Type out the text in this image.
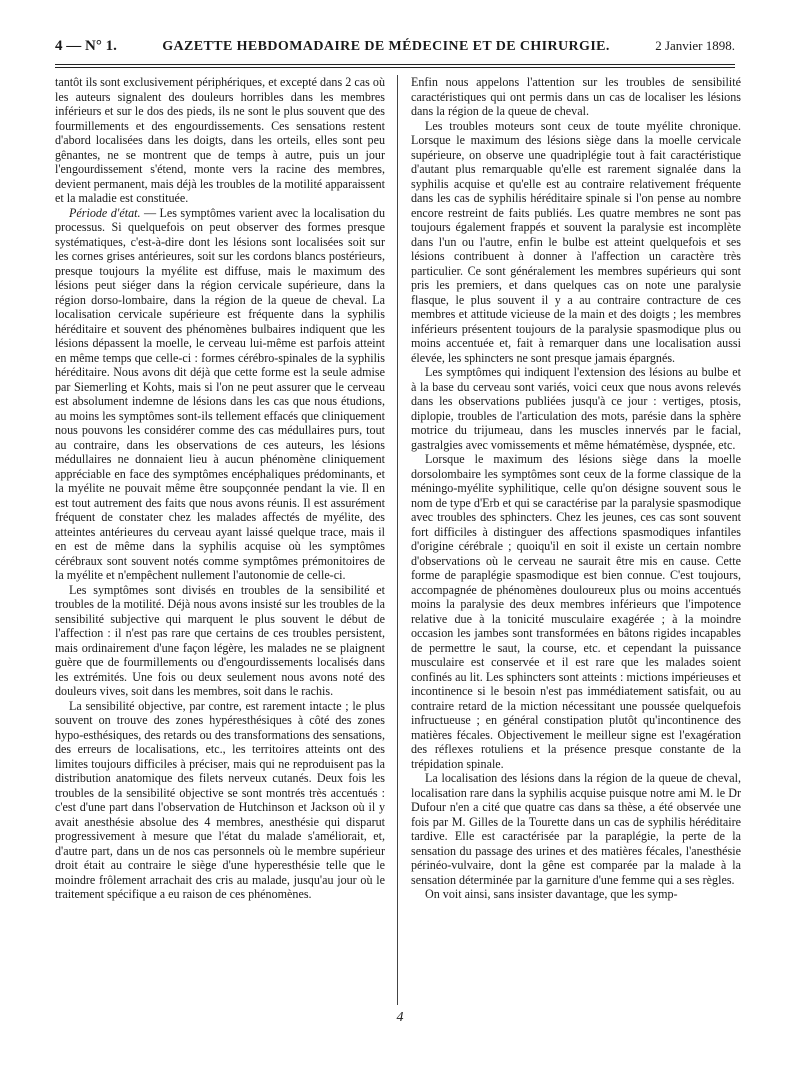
4 — N° 1.	GAZETTE HEBDOMADAIRE DE MÉDECINE ET DE CHIRURGIE.	2 Janvier 1898.

tantôt ils sont exclusivement périphériques, et excepté dans 2 cas où les auteurs signalent des douleurs horribles dans les membres inférieurs et sur le dos des pieds, ils ne sont le plus souvent que des fourmillements et des engourdissements. Ces sensations restent d'abord localisées dans les doigts, dans les orteils, elles sont peu gênantes, ne se montrent que de temps à autre, puis un jour l'engourdissement s'étend, monte vers la racine des membres, devient permanent, mais déjà les troubles de la motilité apparaissent et la maladie est constituée.

Période d'état. — Les symptômes varient avec la localisation du processus. Si quelquefois on peut observer des formes presque systématiques, c'est-à-dire dont les lésions sont localisées soit sur les cornes grises antérieures, soit sur les cordons blancs postérieurs, presque toujours la myélite est diffuse, mais le maximum des lésions peut siéger dans la région cervicale supérieure, dans la région dorso-lombaire, dans la région de la queue de cheval. La localisation cervicale supérieure est fréquente dans la syphilis héréditaire et souvent des phénomènes bulbaires indiquent que les lésions dépassent la moelle, le cerveau lui-même est parfois atteint en même temps que celle-ci : formes cérébro-spinales de la syphilis héréditaire. Nous avons dit déjà que cette forme est la seule admise par Siemerling et Kohts, mais si l'on ne peut assurer que le cerveau est absolument indemne de lésions dans les cas que nous étudions, au moins les symptômes sont-ils tellement effacés que cliniquement nous pouvons les considérer comme des cas médullaires purs, tout au contraire, dans les observations de ces auteurs, les lésions médullaires ne donnaient lieu à aucun phénomène cliniquement appréciable en face des symptômes encéphaliques prédominants, et la myélite ne pouvait même être soupçonnée pendant la vie. Il en est tout autrement des faits que nous avons réunis. Il est assurément fréquent de constater chez les malades affectés de myélite, des atteintes antérieures du cerveau ayant laissé quelque trace, mais il en est de même dans la syphilis acquise où les symptômes cérébraux sont souvent notés comme symptômes prémonitoires de la myélite et n'empêchent nullement l'autonomie de celle-ci.

Les symptômes sont divisés en troubles de la sensibilité et troubles de la motilité. Déjà nous avons insisté sur les troubles de la sensibilité subjective qui marquent le plus souvent le début de l'affection : il n'est pas rare que certains de ces troubles persistent, mais ordinairement d'une façon légère, les malades ne se plaignent guère que de fourmillements ou d'engourdissements localisés dans les extrémités. Une fois ou deux seulement nous avons noté des douleurs vives, soit dans les membres, soit dans le rachis.

La sensibilité objective, par contre, est rarement intacte ; le plus souvent on trouve des zones hypéresthésiques à côté des zones hypo-esthésiques, des retards ou des transformations des sensations, des erreurs de localisations, etc., les territoires atteints ont des limites toujours difficiles à préciser, mais qui ne reproduisent pas la distribution anatomique des filets nerveux cutanés. Deux fois les troubles de la sensibilité objective se sont montrés très accentués : c'est d'une part dans l'observation de Hutchinson et Jackson où il y avait anesthésie absolue des 4 membres, anesthésie qui disparut progressivement à mesure que l'état du malade s'améliorait, et, d'autre part, dans un de nos cas personnels où le membre supérieur droit était au contraire le siège d'une hyperesthésie telle que le moindre frôlement arrachait des cris au malade, jusqu'au jour où le traitement spécifique a eu raison de ces phénomènes.

Enfin nous appelons l'attention sur les troubles de sensibilité caractéristiques qui ont permis dans un cas de localiser les lésions dans la région de la queue de cheval.

Les troubles moteurs sont ceux de toute myélite chronique. Lorsque le maximum des lésions siège dans la moelle cervicale supérieure, on observe une quadriplégie tout à fait caractéristique d'autant plus remarquable qu'elle est rarement signalée dans la syphilis acquise et qu'elle est au contraire relativement fréquente dans les cas de syphilis héréditaire spinale si l'on pense au nombre encore restreint de faits publiés. Les quatre membres ne sont pas toujours également frappés et souvent la paralysie est incomplète dans l'un ou l'autre, enfin le bulbe est atteint quelquefois et ses lésions contribuent à donner à l'affection un caractère très particulier. Ce sont généralement les membres supérieurs qui sont pris les premiers, et dans quelques cas on note une paralysie flasque, le plus souvent il y a au contraire contracture de ces membres et attitude vicieuse de la main et des doigts ; les membres inférieurs présentent toujours de la paralysie spasmodique plus ou moins accentuée et, fait à remarquer dans une localisation aussi élevée, les sphincters ne sont presque jamais épargnés.

Les symptômes qui indiquent l'extension des lésions au bulbe et à la base du cerveau sont variés, voici ceux que nous avons relevés dans les observations publiées jusqu'à ce jour : vertiges, ptosis, diplopie, troubles de l'articulation des mots, parésie dans la sphère motrice du trijumeau, dans les muscles innervés par le facial, gastralgies avec vomissements et même hématémèse, dyspnée, etc.

Lorsque le maximum des lésions siège dans la moelle dorsolombaire les symptômes sont ceux de la forme classique de la méningo-myélite syphilitique, celle qu'on désigne souvent sous le nom de type d'Erb et qui se caractérise par la paralysie spasmodique avec troubles des sphincters. Chez les jeunes, ces cas sont souvent fort difficiles à distinguer des affections spasmodiques infantiles d'origine cérébrale ; quoiqu'il en soit il existe un certain nombre d'observations où le cerveau ne saurait être mis en cause. Cette forme de paraplégie spasmodique est bien connue. C'est toujours, accompagnée de phénomènes douloureux plus ou moins accentués moins la paralysie des deux membres inférieurs que l'impotence relative due à la tonicité musculaire exagérée ; à la moindre occasion les jambes sont transformées en bâtons rigides incapables de permettre le saut, la course, etc. et cependant la puissance musculaire est conservée et il est rare que les malades soient confinés au lit. Les sphincters sont atteints : mictions impérieuses et incontinence si le besoin n'est pas immédiatement satisfait, ou au contraire retard de la miction nécessitant une poussée quelquefois infructueuse ; en général constipation plutôt qu'incontinence des matières fécales. Objectivement le meilleur signe est l'exagération des réflexes rotuliens et la présence presque constante de la trépidation spinale.

La localisation des lésions dans la région de la queue de cheval, localisation rare dans la syphilis acquise puisque notre ami M. le Dr Dufour n'en a cité que quatre cas dans sa thèse, a été observée une fois par M. Gilles de la Tourette dans un cas de syphilis héréditaire tardive. Elle est caractérisée par la paraplégie, la perte de la sensation du passage des urines et des matières fécales, l'anesthésie périnéo-vulvaire, dont la gêne est comparée par la malade à la sensation déterminée par la garniture d'une femme qui a ses règles.

On voit ainsi, sans insister davantage, que les symp-

4
